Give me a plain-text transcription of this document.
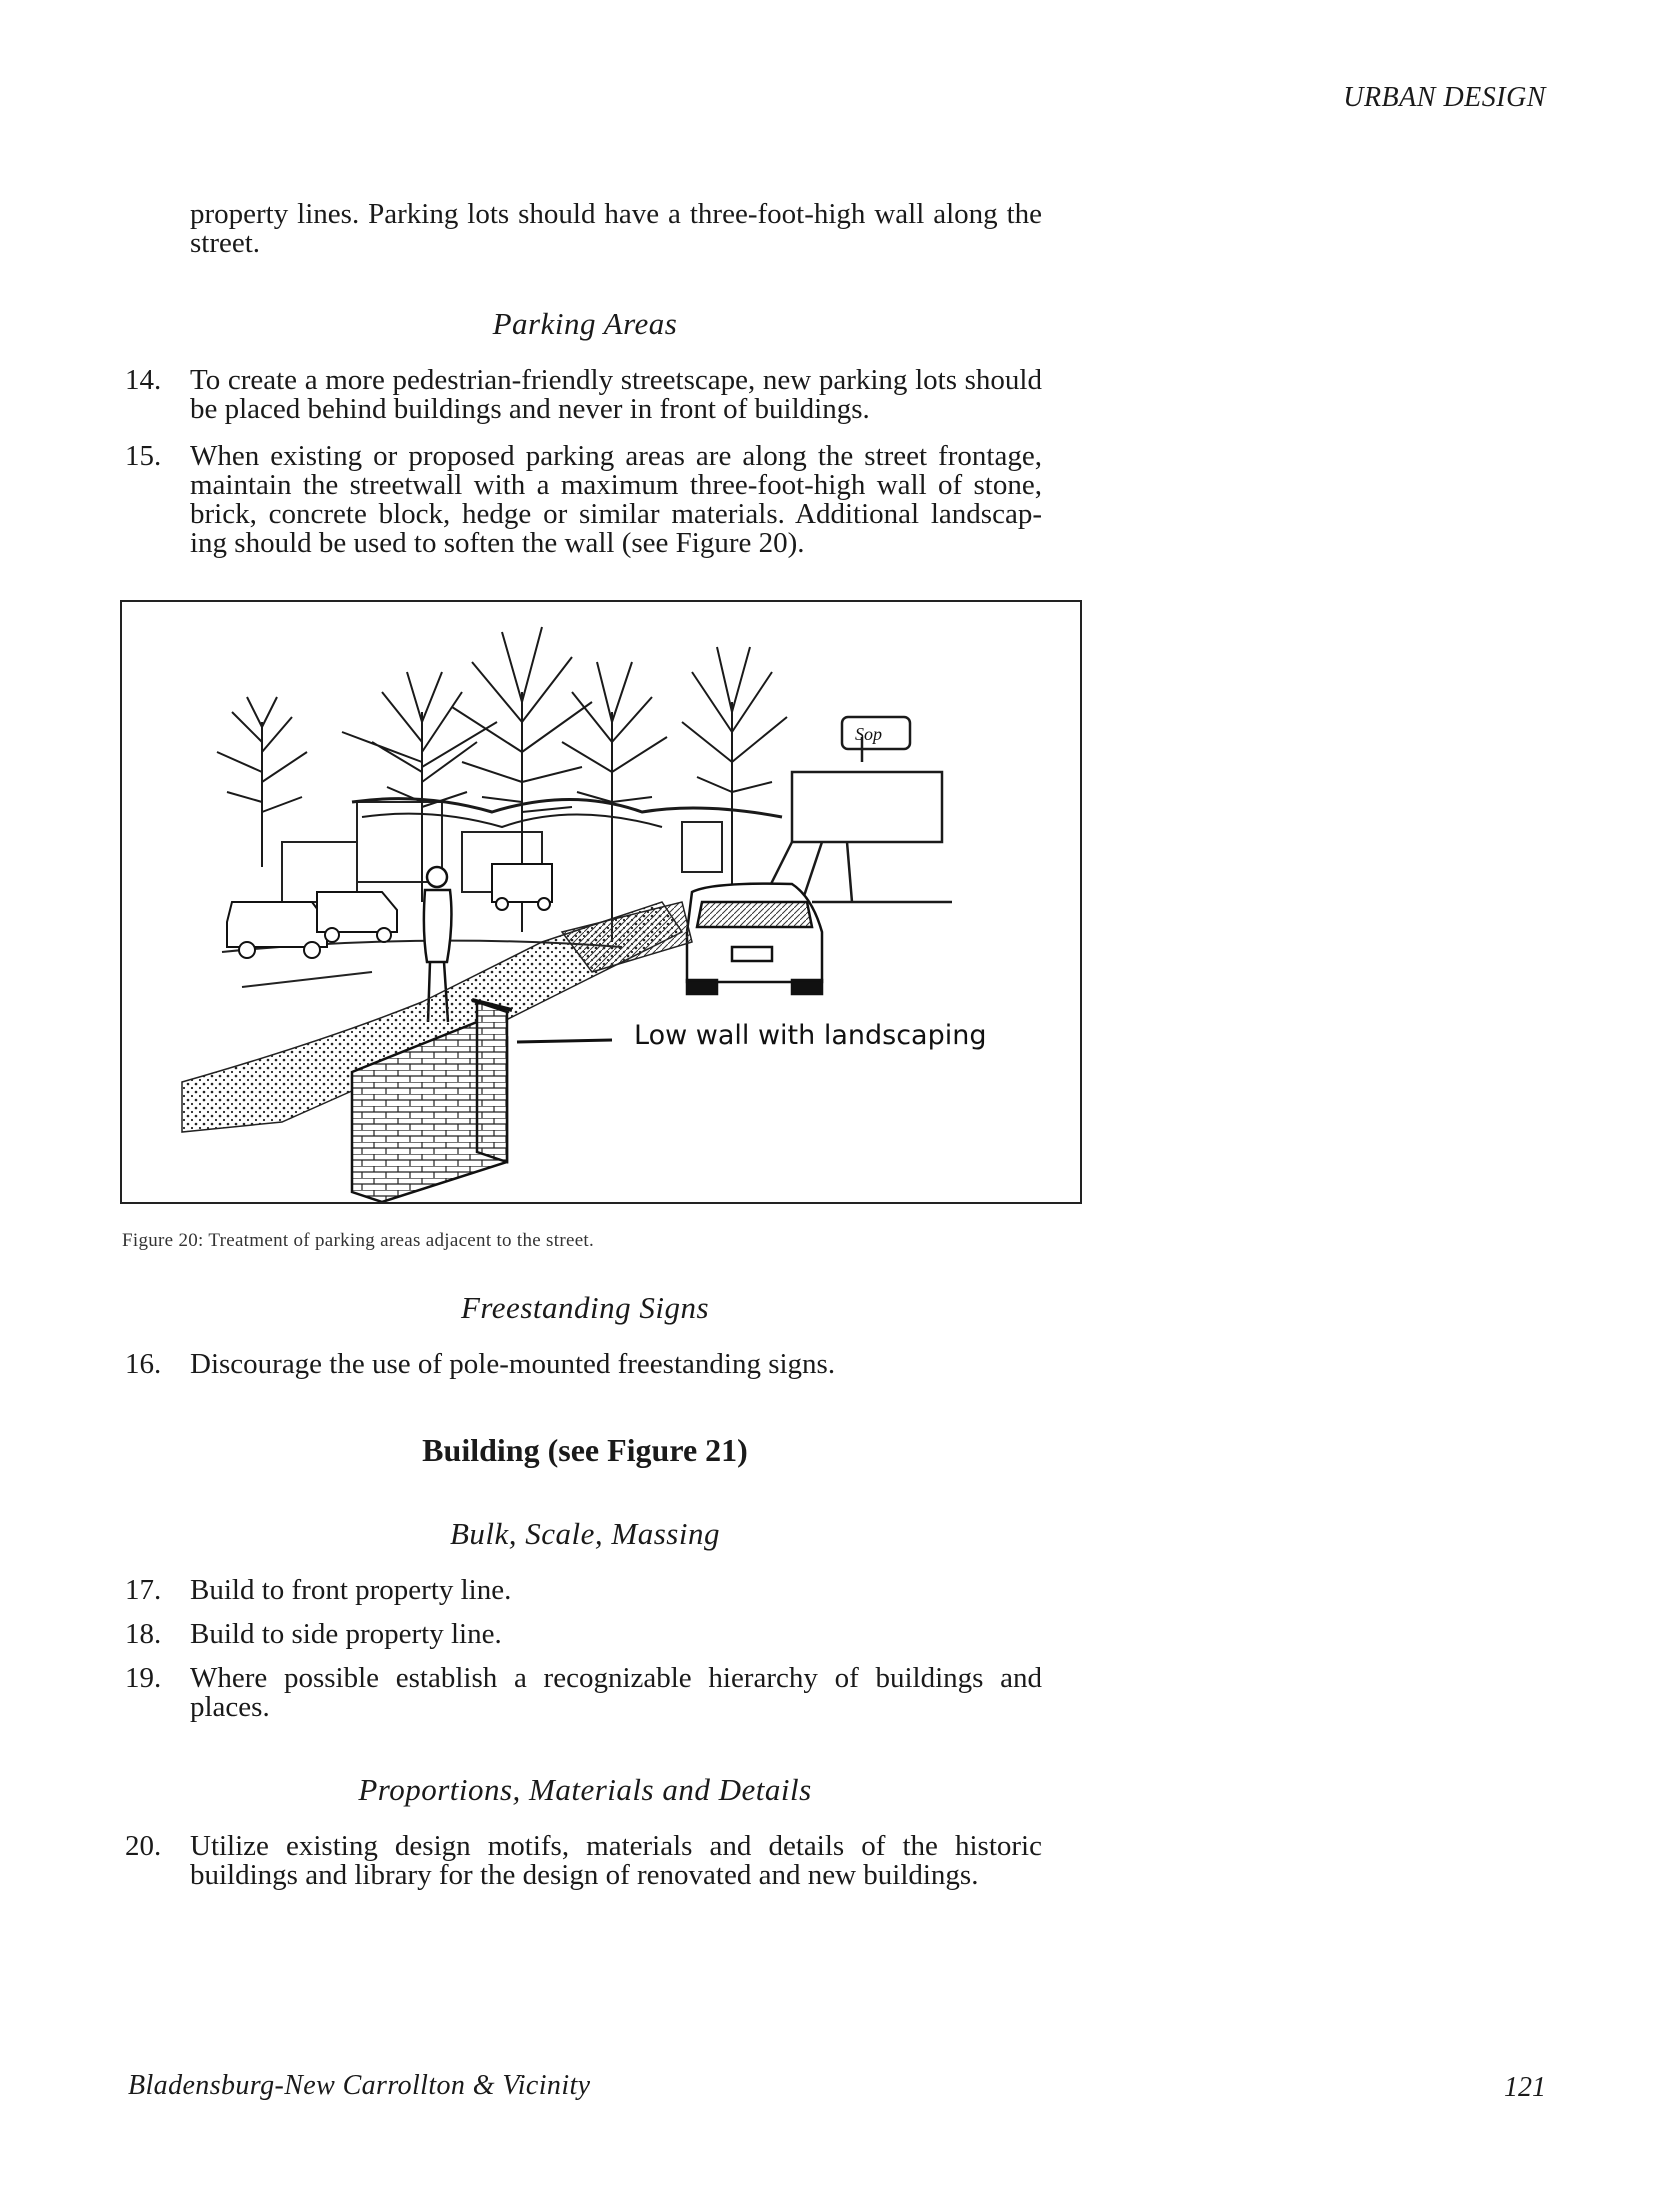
URBAN DESIGN
property lines. Parking lots should have a three-foot-high wall along the street.
Parking Areas
14. To create a more pedestrian-friendly streetscape, new parking lots should be placed behind buildings and never in front of buildings.
15. When existing or proposed parking areas are along the street frontage, maintain the streetwall with a maximum three-foot-high wall of stone, brick, concrete block, hedge or similar materials. Additional landscap- ing should be used to soften the wall (see Figure 20).
Sop
Low wall with landscaping
Figure 20: Treatment of parking areas adjacent to the street.
Freestanding Signs
16. Discourage the use of pole-mounted freestanding signs.
Building (see Figure 21)
Bulk, Scale, Massing
17. Build to front property line.
18. Build to side property line.
19. Where possible establish a recognizable hierarchy of buildings and places.
Proportions, Materials and Details
20. Utilize existing design motifs, materials and details of the historic buildings and library for the design of renovated and new buildings.
Bladensburg-New Carrollton & Vicinity	121
